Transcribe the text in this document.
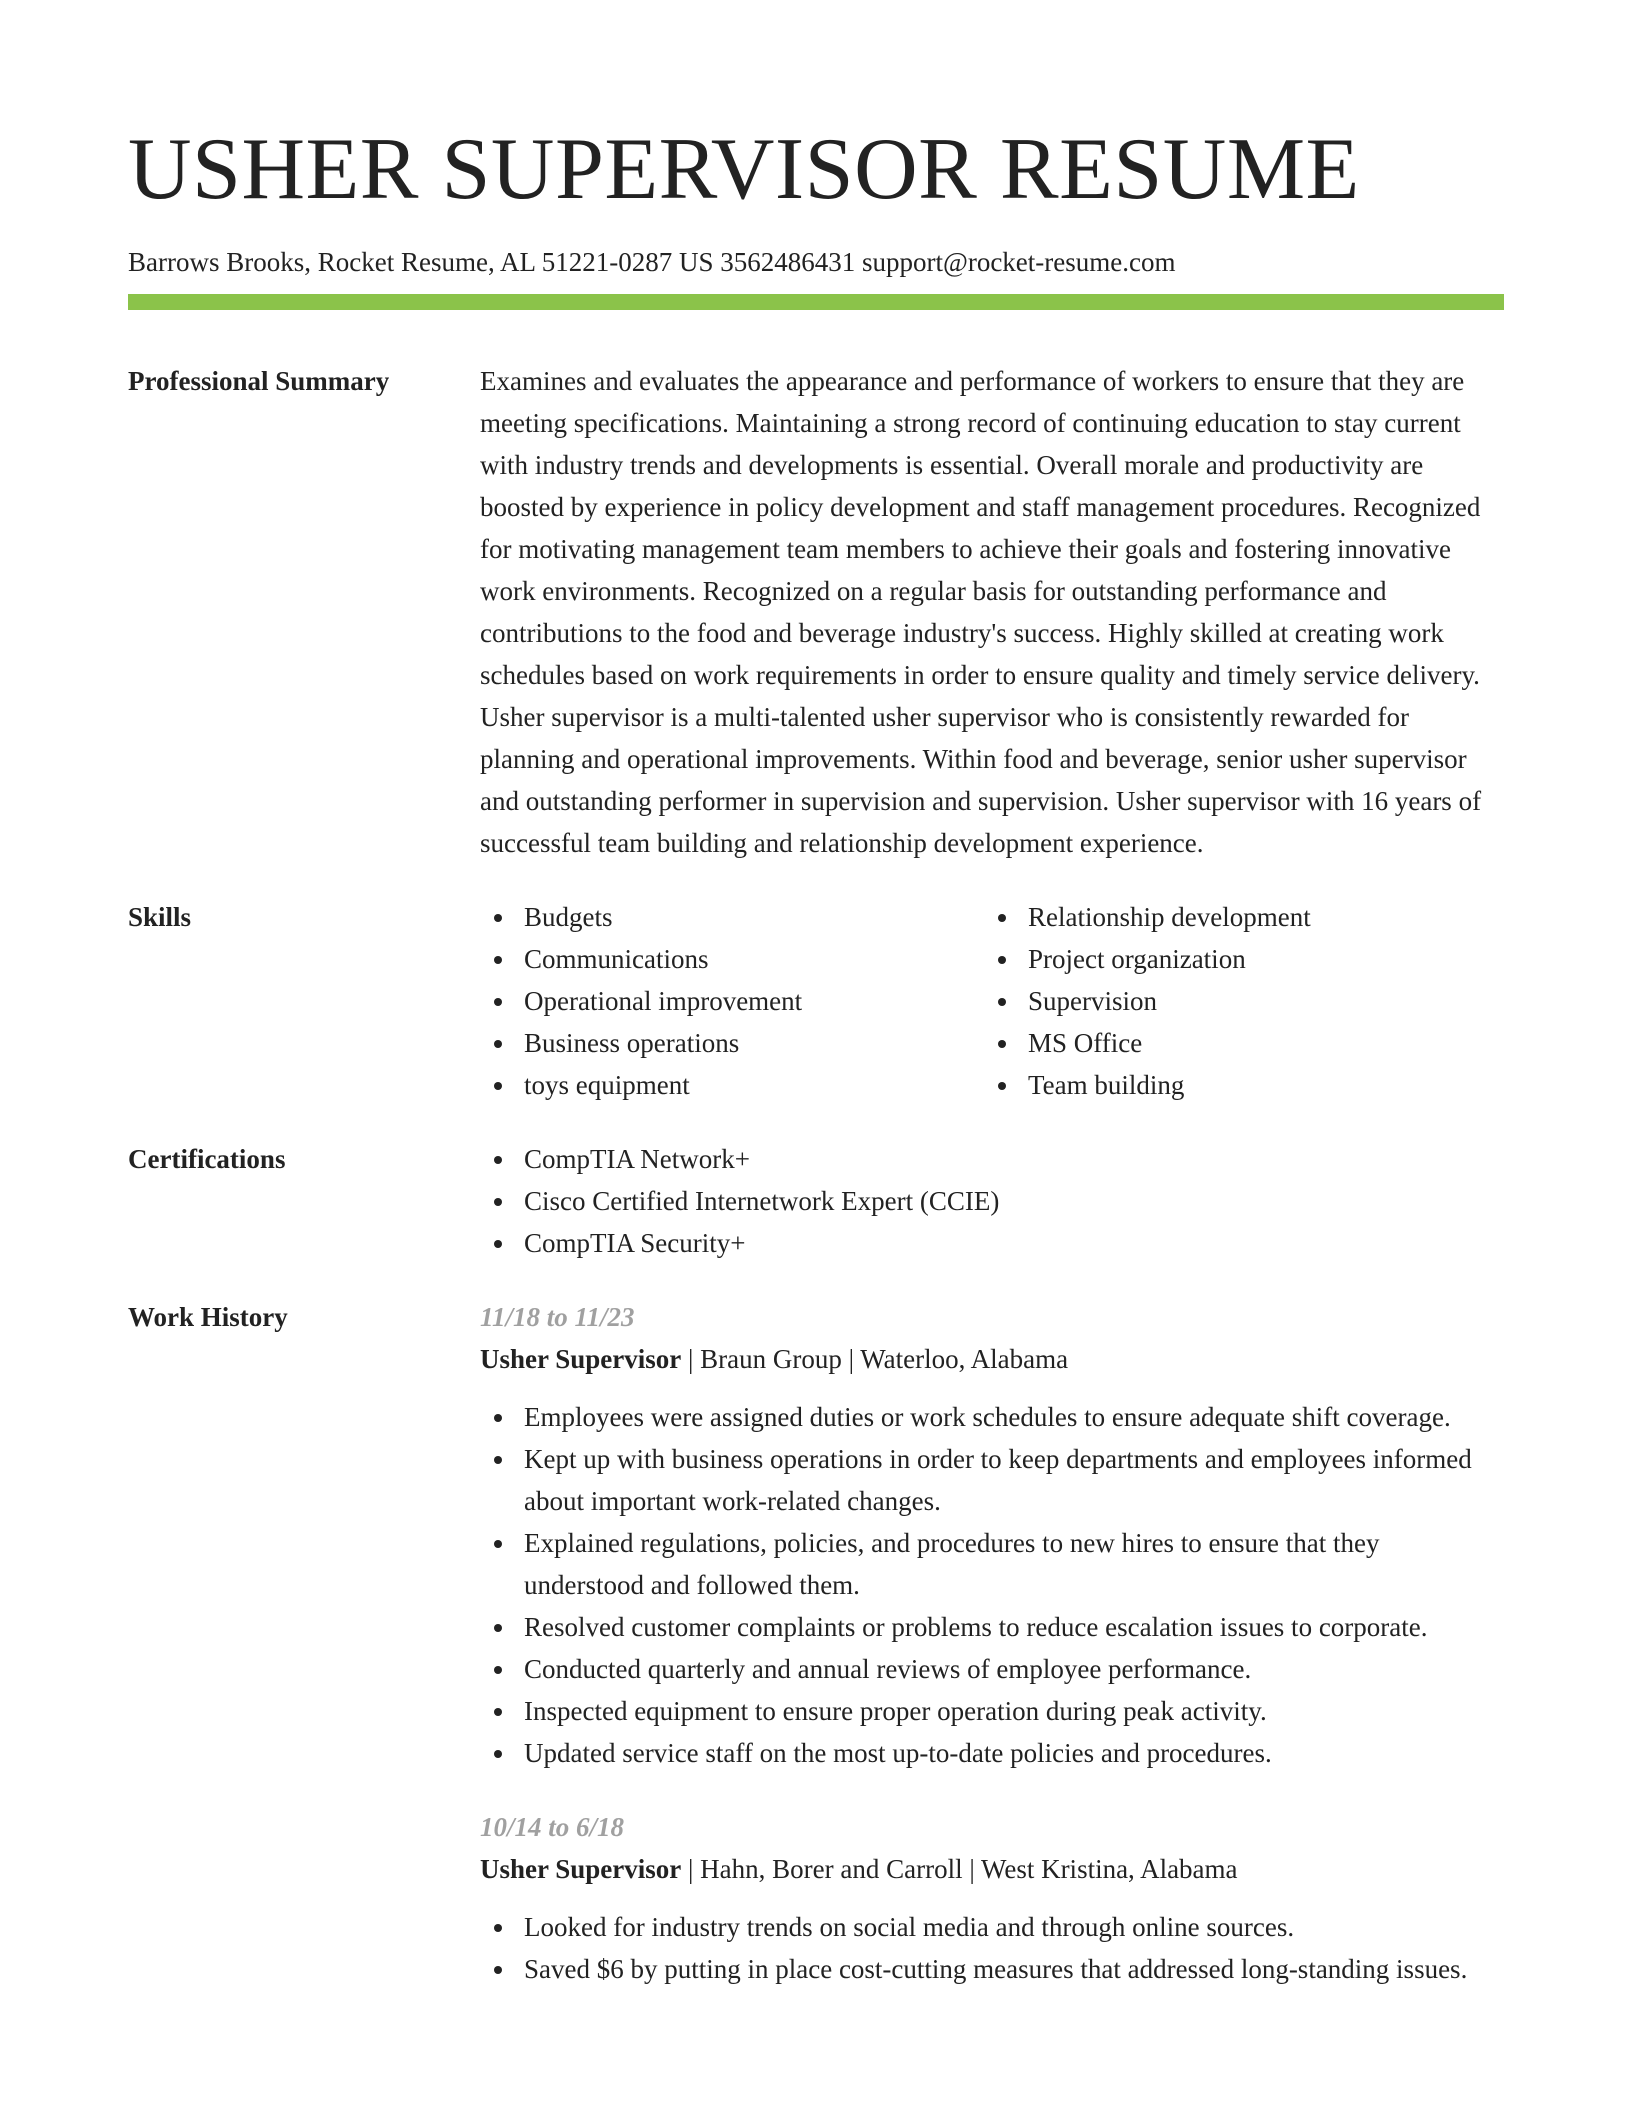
USHER SUPERVISOR RESUME
Barrows Brooks, Rocket Resume, AL 51221-0287 US 3562486431 support@rocket-resume.com
Professional Summary	Examines and evaluates the appearance and performance of workers to ensure that they are meeting specifications. Maintaining a strong record of continuing education to stay current with industry trends and developments is essential. Overall morale and productivity are boosted by experience in policy development and staff management procedures. Recognized for motivating management team members to achieve their goals and fostering innovative work environments. Recognized on a regular basis for outstanding performance and contributions to the food and beverage industry's success. Highly skilled at creating work schedules based on work requirements in order to ensure quality and timely service delivery. Usher supervisor is a multi-talented usher supervisor who is consistently rewarded for planning and operational improvements. Within food and beverage, senior usher supervisor and outstanding performer in supervision and supervision. Usher supervisor with 16 years of successful team building and relationship development experience.
Skills	Budgets
Communications
Operational improvement
Business operations
toys equipment
Relationship development
Project organization
Supervision
MS Office
Team building
Certifications	CompTIA Network+
Cisco Certified Internetwork Expert (CCIE)
CompTIA Security+
Work History	11/18 to 11/23
Usher Supervisor | Braun Group | Waterloo, Alabama
Employees were assigned duties or work schedules to ensure adequate shift coverage.
Kept up with business operations in order to keep departments and employees informed about important work-related changes.
Explained regulations, policies, and procedures to new hires to ensure that they understood and followed them.
Resolved customer complaints or problems to reduce escalation issues to corporate.
Conducted quarterly and annual reviews of employee performance.
Inspected equipment to ensure proper operation during peak activity.
Updated service staff on the most up-to-date policies and procedures.
10/14 to 6/18
Usher Supervisor | Hahn, Borer and Carroll | West Kristina, Alabama
Looked for industry trends on social media and through online sources.
Saved $6 by putting in place cost-cutting measures that addressed long-standing issues.
